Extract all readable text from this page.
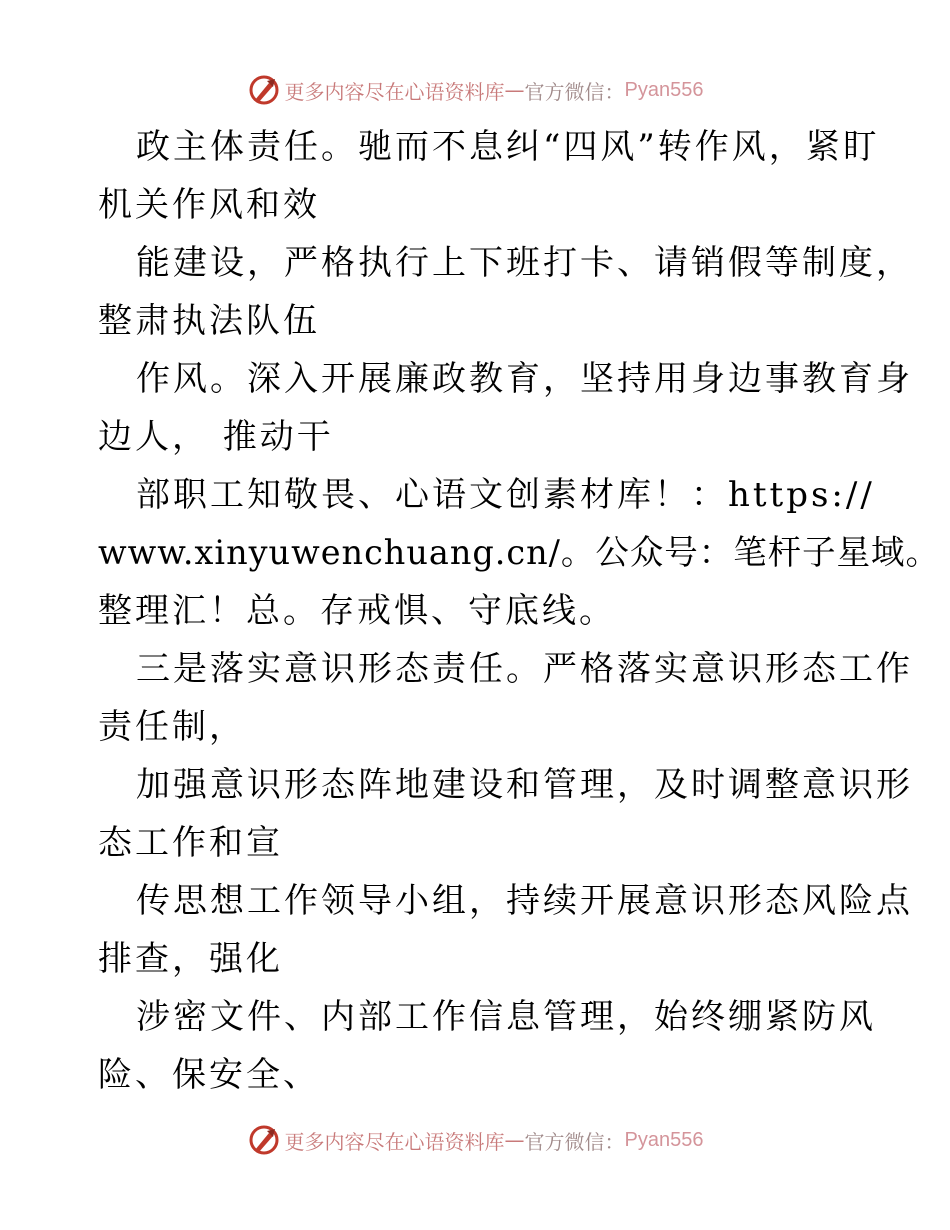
更多内容尽在心语资料库 — 官方微信： Pyan556
政主体责任。驰而不息纠“四风”转作风，紧盯
机关作风和效
能建设，严格执行上下班打卡、请销假等制度，
整肃执法队伍
作风。深入开展廉政教育，坚持用身边事教育身
边人， 推动干
部职工知敬畏、心语文创素材库！：https://
www.xinyuwenchuang.cn/。公众号：笔杆子星域。
整理汇！总。存戒惧、守底线。
三是落实意识形态责任。严格落实意识形态工作
责任制，
加强意识形态阵地建设和管理，及时调整意识形
态工作和宣
传思想工作领导小组，持续开展意识形态风险点
排查，强化
涉密文件、内部工作信息管理，始终绷紧防风
险、保安全、
更多内容尽在心语资料库 — 官方微信： Pyan556
